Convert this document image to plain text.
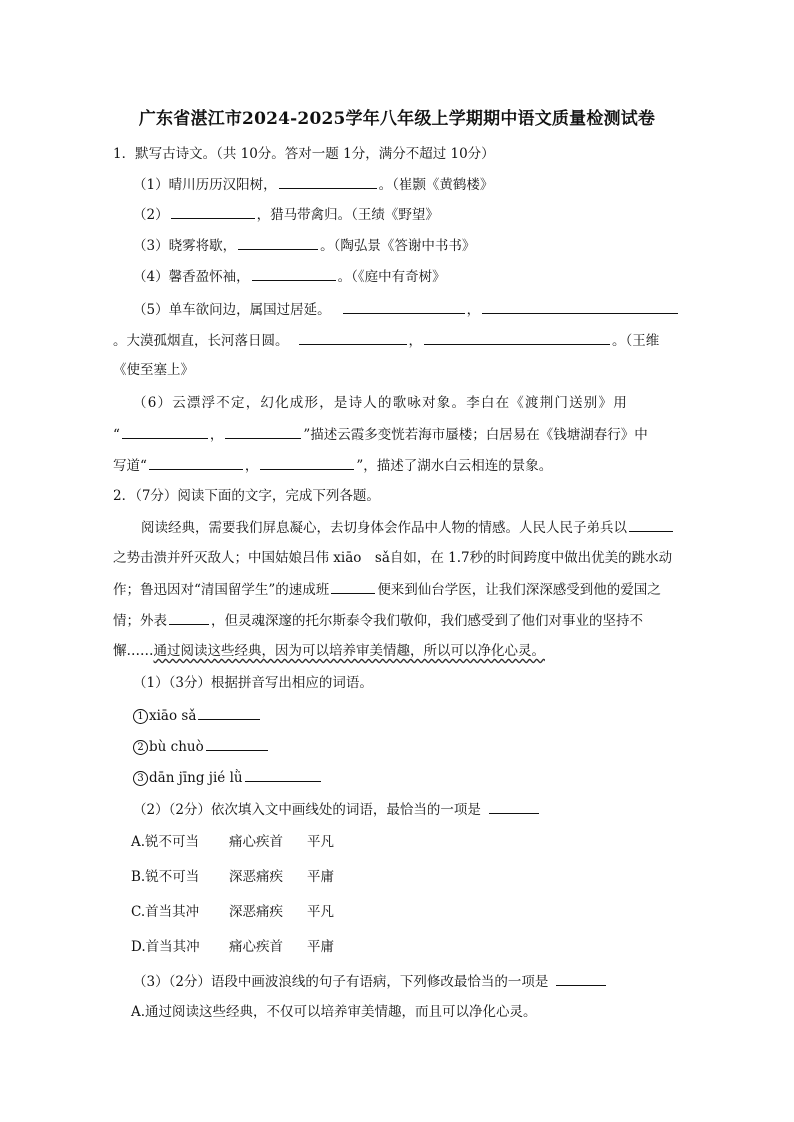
广东省湛江市2024-2025学年八年级上学期期中语文质量检测试卷
1．默写古诗文。（共 10分。答对一题 1分，满分不超过 10分）
（1）晴川历历汉阳树，	。（崔颢《黄鹤楼》
（2）	，猎马带禽归。（王绩《野望》
（3）晓雾将歇，	。（陶弘景《答谢中书书》
（4）馨香盈怀袖，	。（《庭中有奇树》
（5）单车欲问边，属国过居延。	，
。大漠孤烟直，长河落日圆。	，	。（王维
《使至塞上》
（6）云漂浮不定，幻化成形，是诗人的歌咏对象。李白在《渡荆门送别》用
“	，	”描述云霞多变恍若海市蜃楼；白居易在《钱塘湖春行》中
写道“	，	”，描述了湖水白云相连的景象。
2．（7分）阅读下面的文字，完成下列各题。
阅读经典，需要我们屏息凝心，去切身体会作品中人物的情感。人民人民子弟兵以
之势击溃并歼灭敌人；中国姑娘吕伟 xiāo　sǎ自如，在 1.7秒的时间跨度中做出优美的跳水动
作；鲁迅因对“清国留学生”的速成班	便来到仙台学医，让我们深深感受到他的爱国之
情；外表	，但灵魂深邃的托尔斯泰令我们敬仰，我们感受到了他们对事业的坚持不
懈……通过阅读这些经典，因为可以培养审美情趣，所以可以净化心灵。
（1）（3分）根据拼音写出相应的词语。
1 xiāo sǎ
2 bù chuò
3 dān jīng jié lǜ
（2）（2分）依次填入文中画线处的词语，最恰当的一项是
A.锐不可当 痛心疾首 平凡
B.锐不可当 深恶痛疾 平庸
C.首当其冲 深恶痛疾 平凡
D.首当其冲 痛心疾首 平庸
（3）（2分）语段中画波浪线的句子有语病，下列修改最恰当的一项是
A.通过阅读这些经典，不仅可以培养审美情趣，而且可以净化心灵。
